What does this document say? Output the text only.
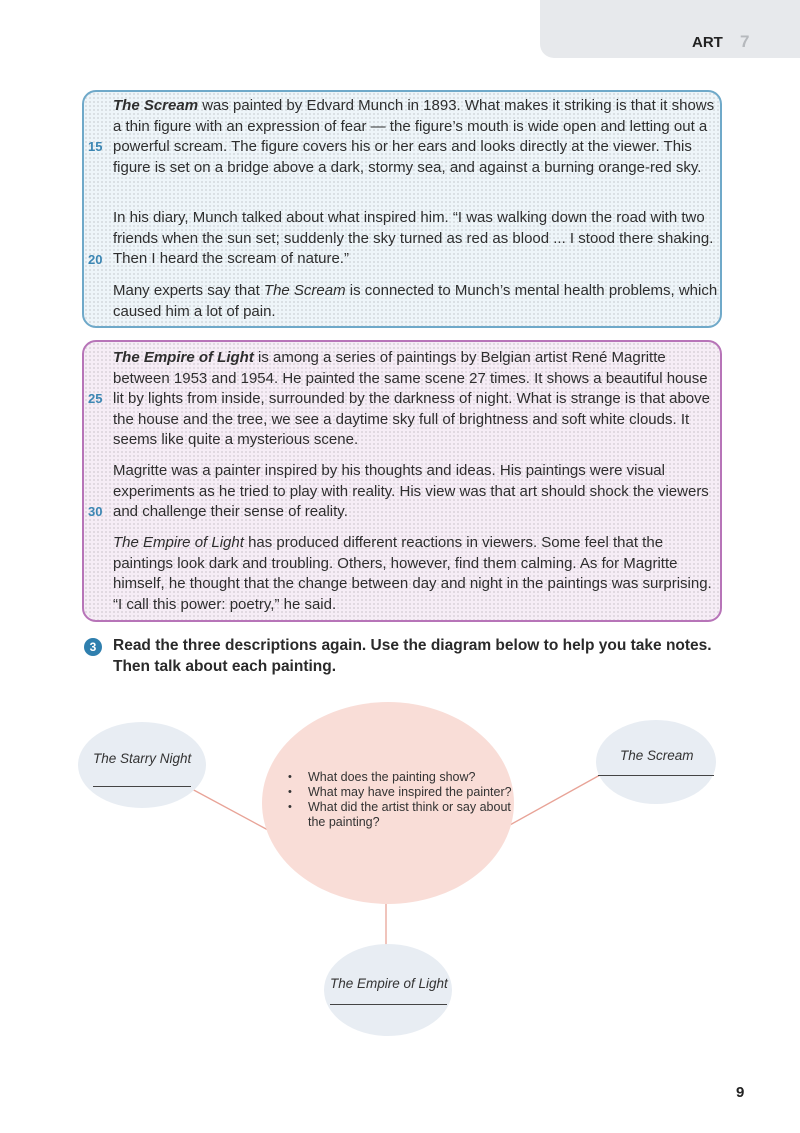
ART 7

The Scream was painted by Edvard Munch in 1893. What makes it striking is that it shows a thin figure with an expression of fear — the figure’s mouth is wide open and letting out a powerful scream. The figure covers his or her ears and looks directly at the viewer. This figure is set on a bridge above a dark, stormy sea, and against a burning orange-red sky.

In his diary, Munch talked about what inspired him. “I was walking down the road with two friends when the sun set; suddenly the sky turned as red as blood ... I stood there shaking. Then I heard the scream of nature.”

Many experts say that The Scream is connected to Munch’s mental health problems, which caused him a lot of pain.

15
20

The Empire of Light is among a series of paintings by Belgian artist René Magritte between 1953 and 1954. He painted the same scene 27 times. It shows a beautiful house lit by lights from inside, surrounded by the darkness of night. What is strange is that above the house and the tree, we see a daytime sky full of brightness and soft white clouds. It seems like quite a mysterious scene.

Magritte was a painter inspired by his thoughts and ideas. His paintings were visual experiments as he tried to play with reality. His view was that art should shock the viewers and challenge their sense of reality.

The Empire of Light has produced different reactions in viewers. Some feel that the paintings look dark and troubling. Others, however, find them calming. As for Magritte himself, he thought that the change between day and night in the paintings was surprising. “I call this power: poetry,” he said.

25
30
3	Read the three descriptions again. Use the diagram below to help you take notes. Then talk about each painting.

The Starry Night	The Scream
The Empire of Light
• What does the painting show?
• What may have inspired the painter?
• What did the artist think or say about the painting?
9
